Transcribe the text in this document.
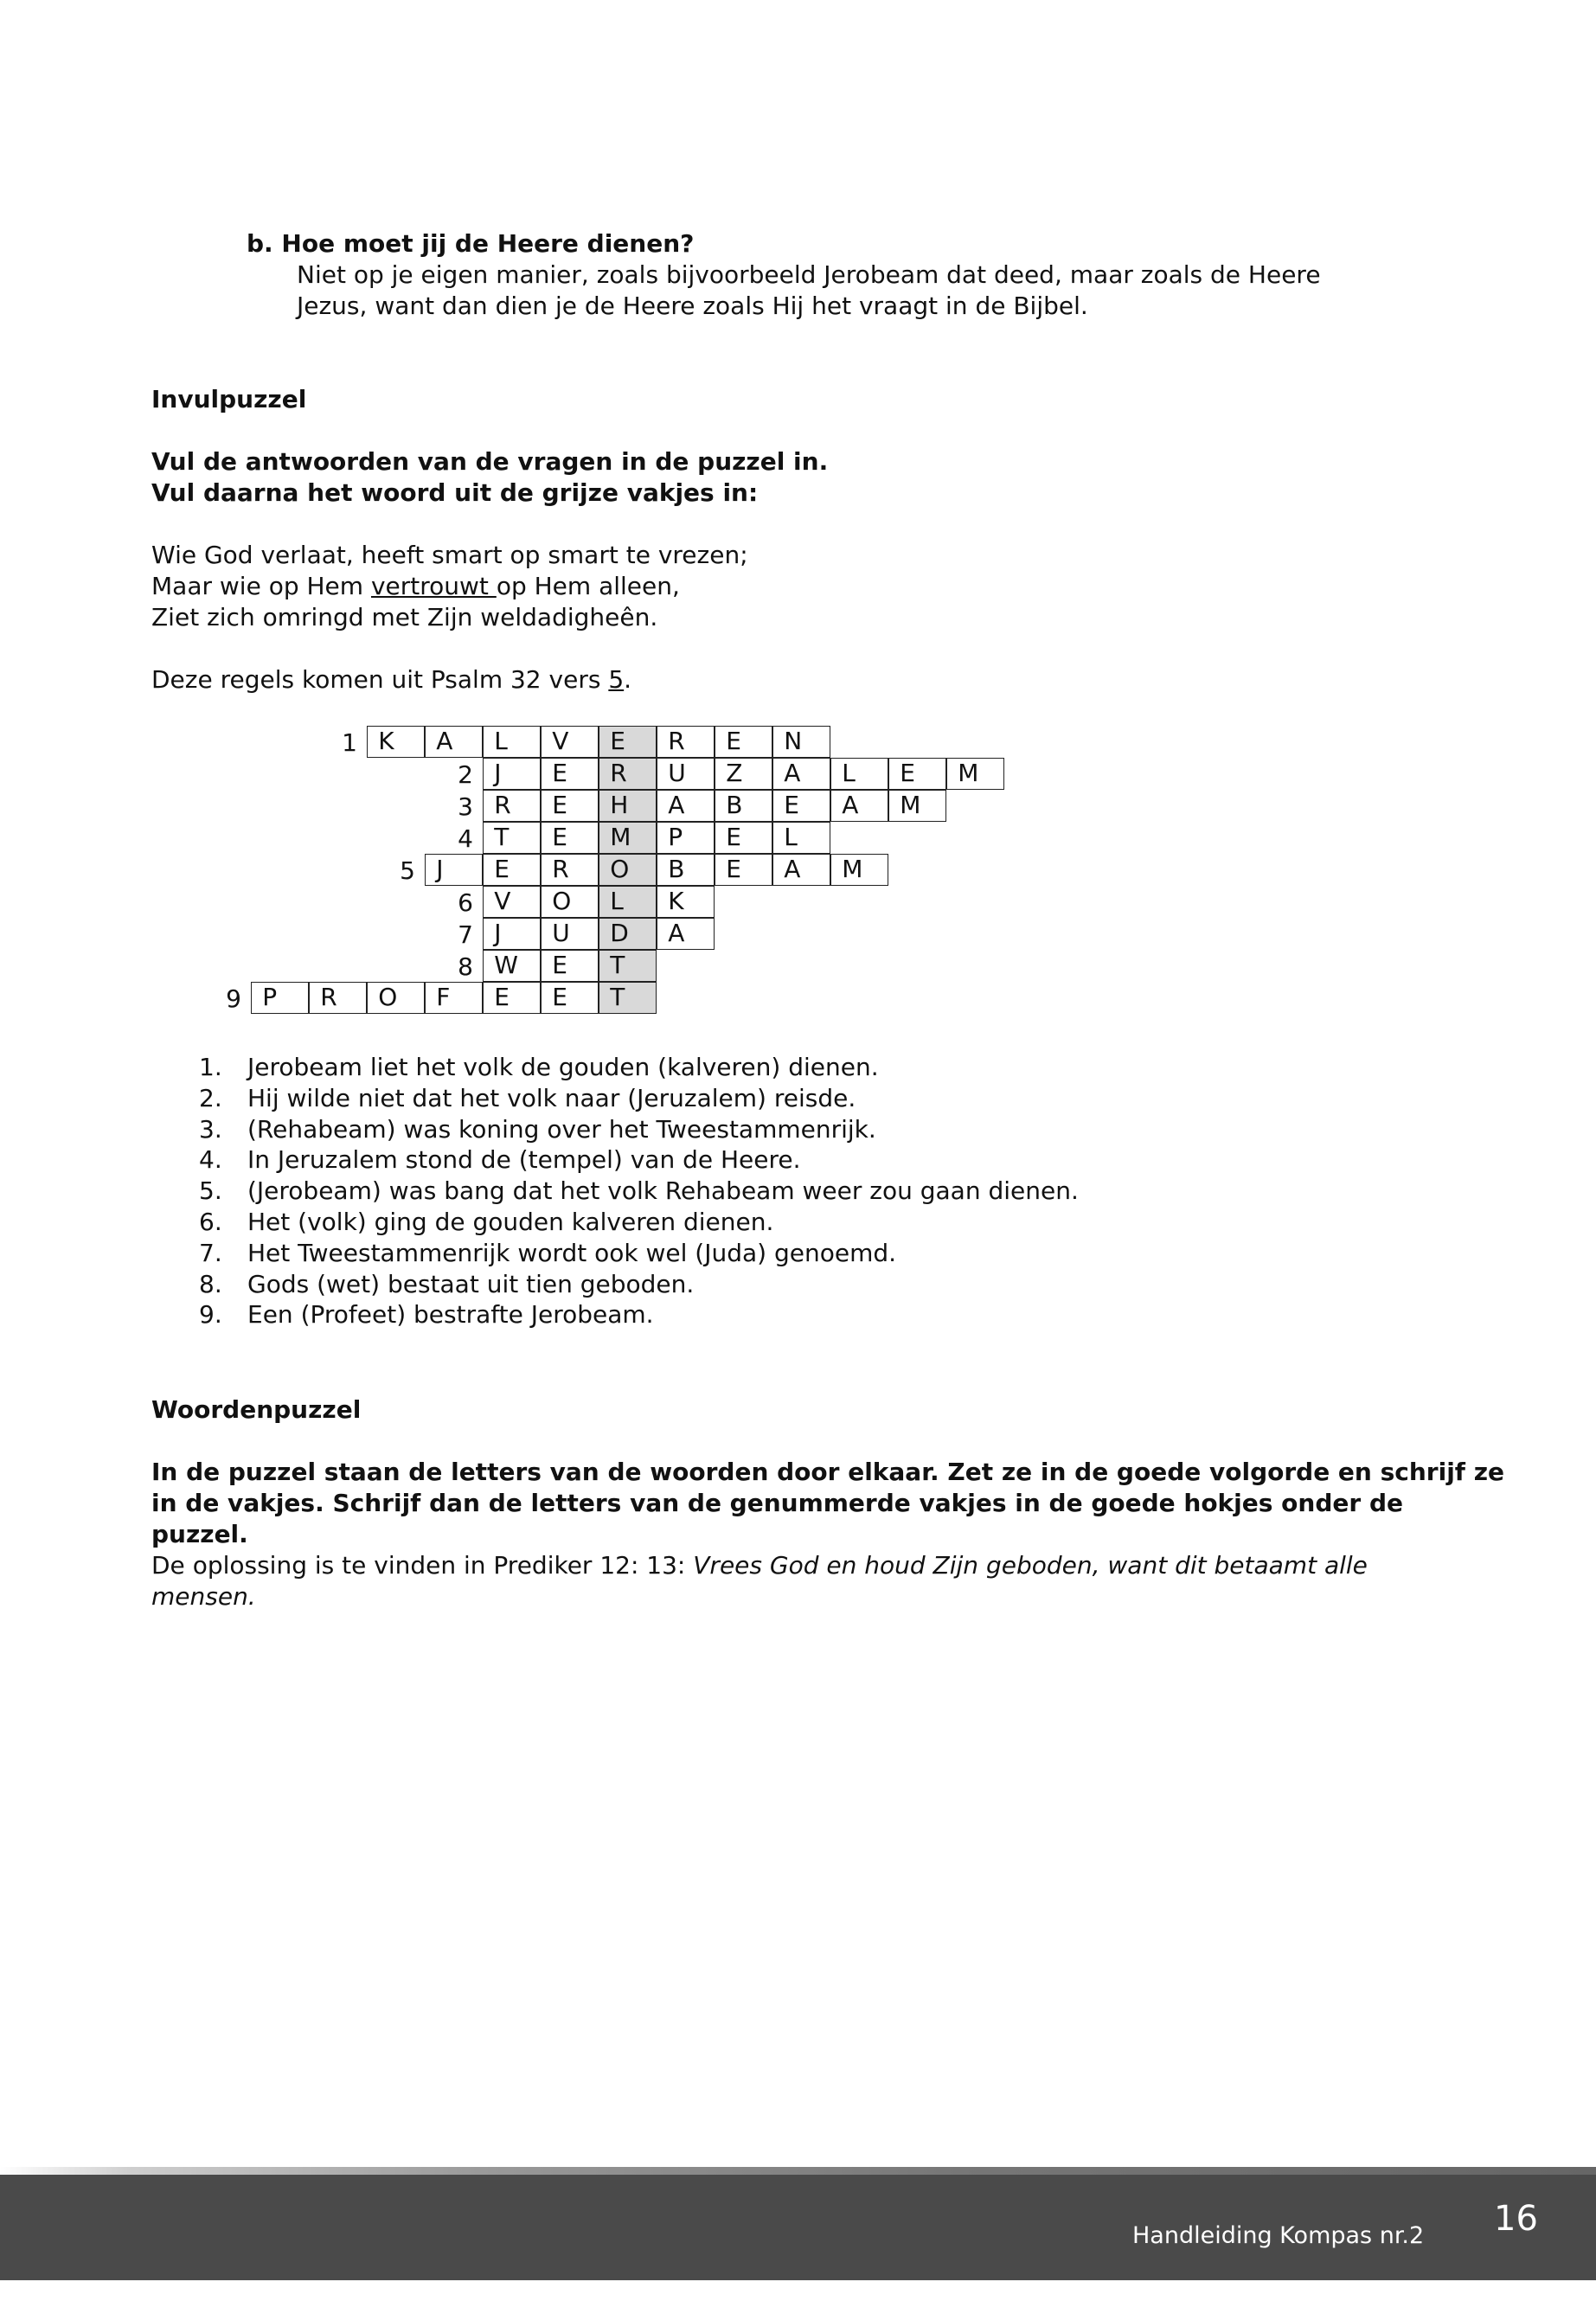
b. Hoe moet jij de Heere dienen?
Niet op je eigen manier, zoals bijvoorbeeld Jerobeam dat deed, maar zoals de Heere
Jezus, want dan dien je de Heere zoals Hij het vraagt in de Bijbel.
Invulpuzzel
Vul de antwoorden van de vragen in de puzzel in.
Vul daarna het woord uit de grijze vakjes in:
Wie God verlaat, heeft smart op smart te vrezen;
Maar wie op Hem vertrouwt op Hem alleen,
Ziet zich omringd met Zijn weldadigheên.
Deze regels komen uit Psalm 32 vers 5.
1 K	A	L	V	E	R	E	N
2 J	E	R	U	Z	A	L	E	M
3 R	E	H	A	B	E	A	M
4 T	E	M	P	E	L
5 J	E	R	O	B	E	A	M
6 V	O	L	K
7 J	U	D	A
8 W	E	T
9 P	R	O	F	E	E	T
1. Jerobeam liet het volk de gouden (kalveren) dienen.
2. Hij wilde niet dat het volk naar (Jeruzalem) reisde.
3. (Rehabeam) was koning over het Tweestammenrijk.
4. In Jeruzalem stond de (tempel) van de Heere.
5. (Jerobeam) was bang dat het volk Rehabeam weer zou gaan dienen.
6. Het (volk) ging de gouden kalveren dienen.
7. Het Tweestammenrijk wordt ook wel (Juda) genoemd.
8. Gods (wet) bestaat uit tien geboden.
9. Een (Profeet) bestrafte Jerobeam.
Woordenpuzzel
In de puzzel staan de letters van de woorden door elkaar. Zet ze in de goede volgorde en schrijf ze
in de vakjes. Schrijf dan de letters van de genummerde vakjes in de goede hokjes onder de
puzzel.
De oplossing is te vinden in Prediker 12: 13: Vrees God en houd Zijn geboden, want dit betaamt alle
mensen.
Handleiding Kompas nr.2 16
